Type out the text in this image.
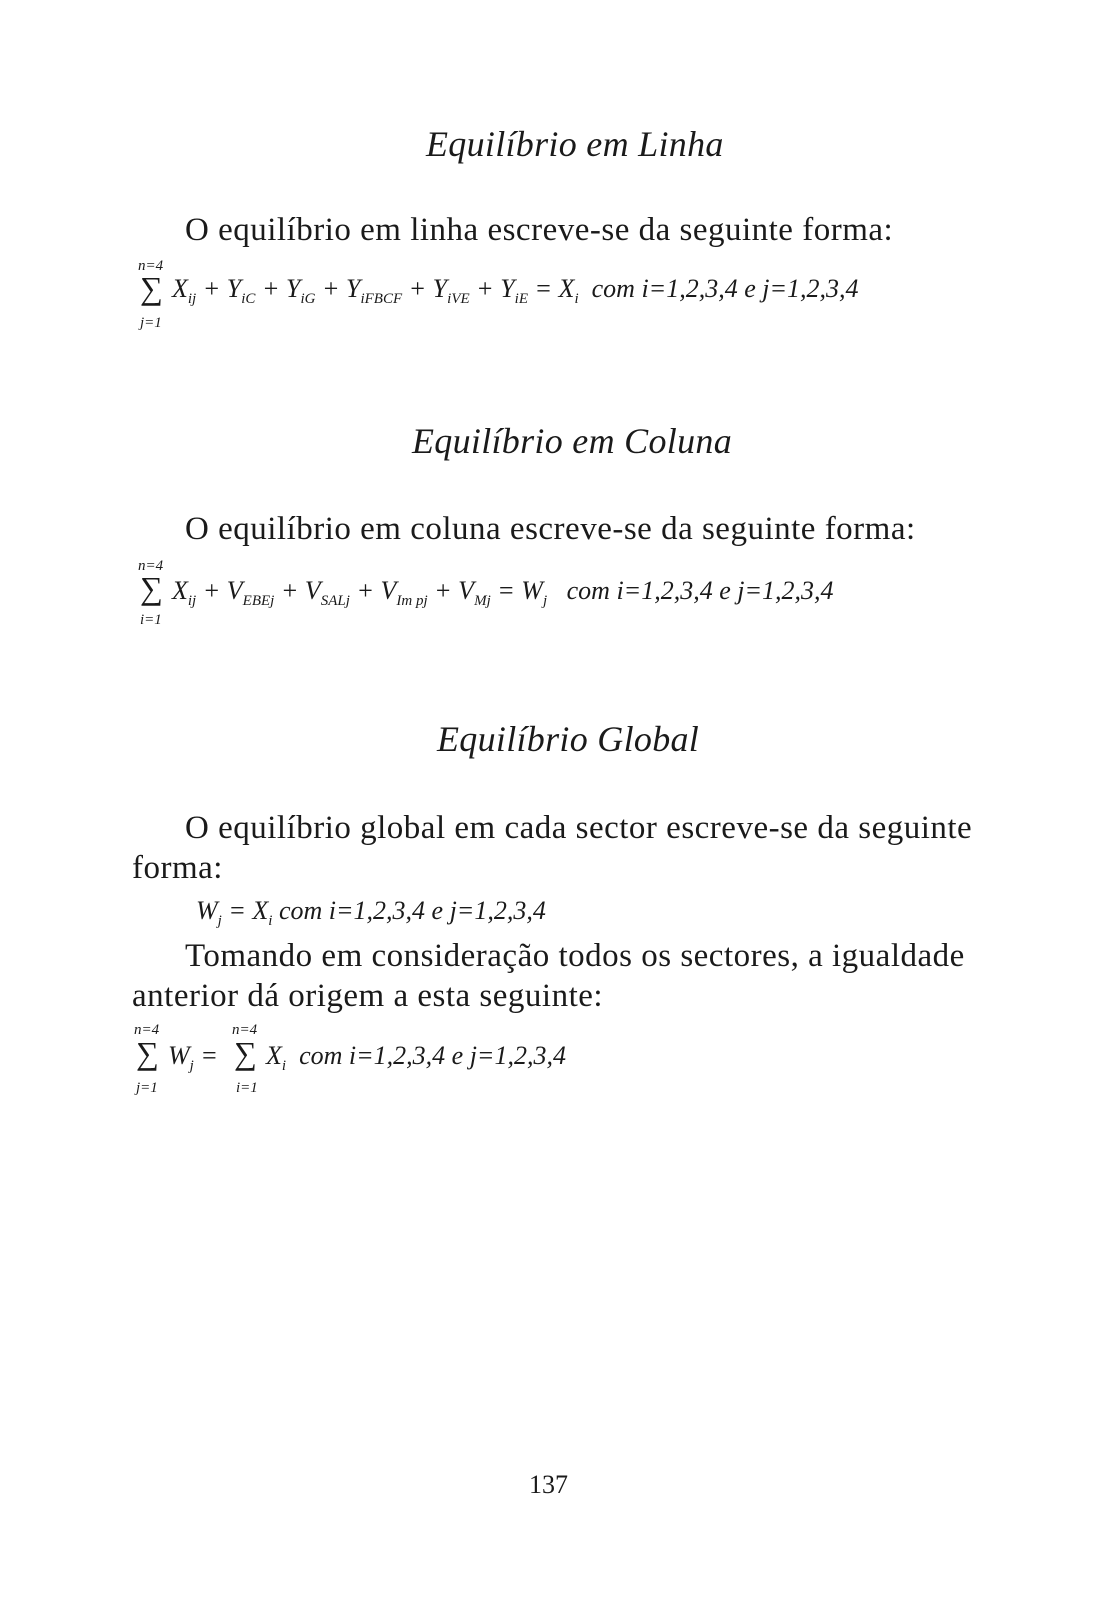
Equilíbrio em Linha
O equilíbrio em linha escreve-se da seguinte forma:
n=4
∑
j=1
$X_{ij} + Y_{iC} + Y_{iG} + Y_{iFBCF} + Y_{iVE} + Y_{iE} = X_i$ com i=1,2,3,4 e j=1,2,3,4
Equilíbrio em Coluna
O equilíbrio em coluna escreve-se da seguinte forma:
n=4
∑
i=1
$X_{ij} + V_{EBEj} + V_{SALj} + V_{Im pj} + V_{Mj} = W_j$ com i=1,2,3,4 e j=1,2,3,4
Equilíbrio Global
O equilíbrio global em cada sector escreve-se da seguinte
forma:
$W_j = X_i$ com i=1,2,3,4 e j=1,2,3,4
Tomando em consideração todos os sectores, a igualdade
anterior dá origem a esta seguinte:
n=4
∑
j=1
$W_j$ =
n=4
∑
i=1
$X_i$ com i=1,2,3,4 e j=1,2,3,4
137
